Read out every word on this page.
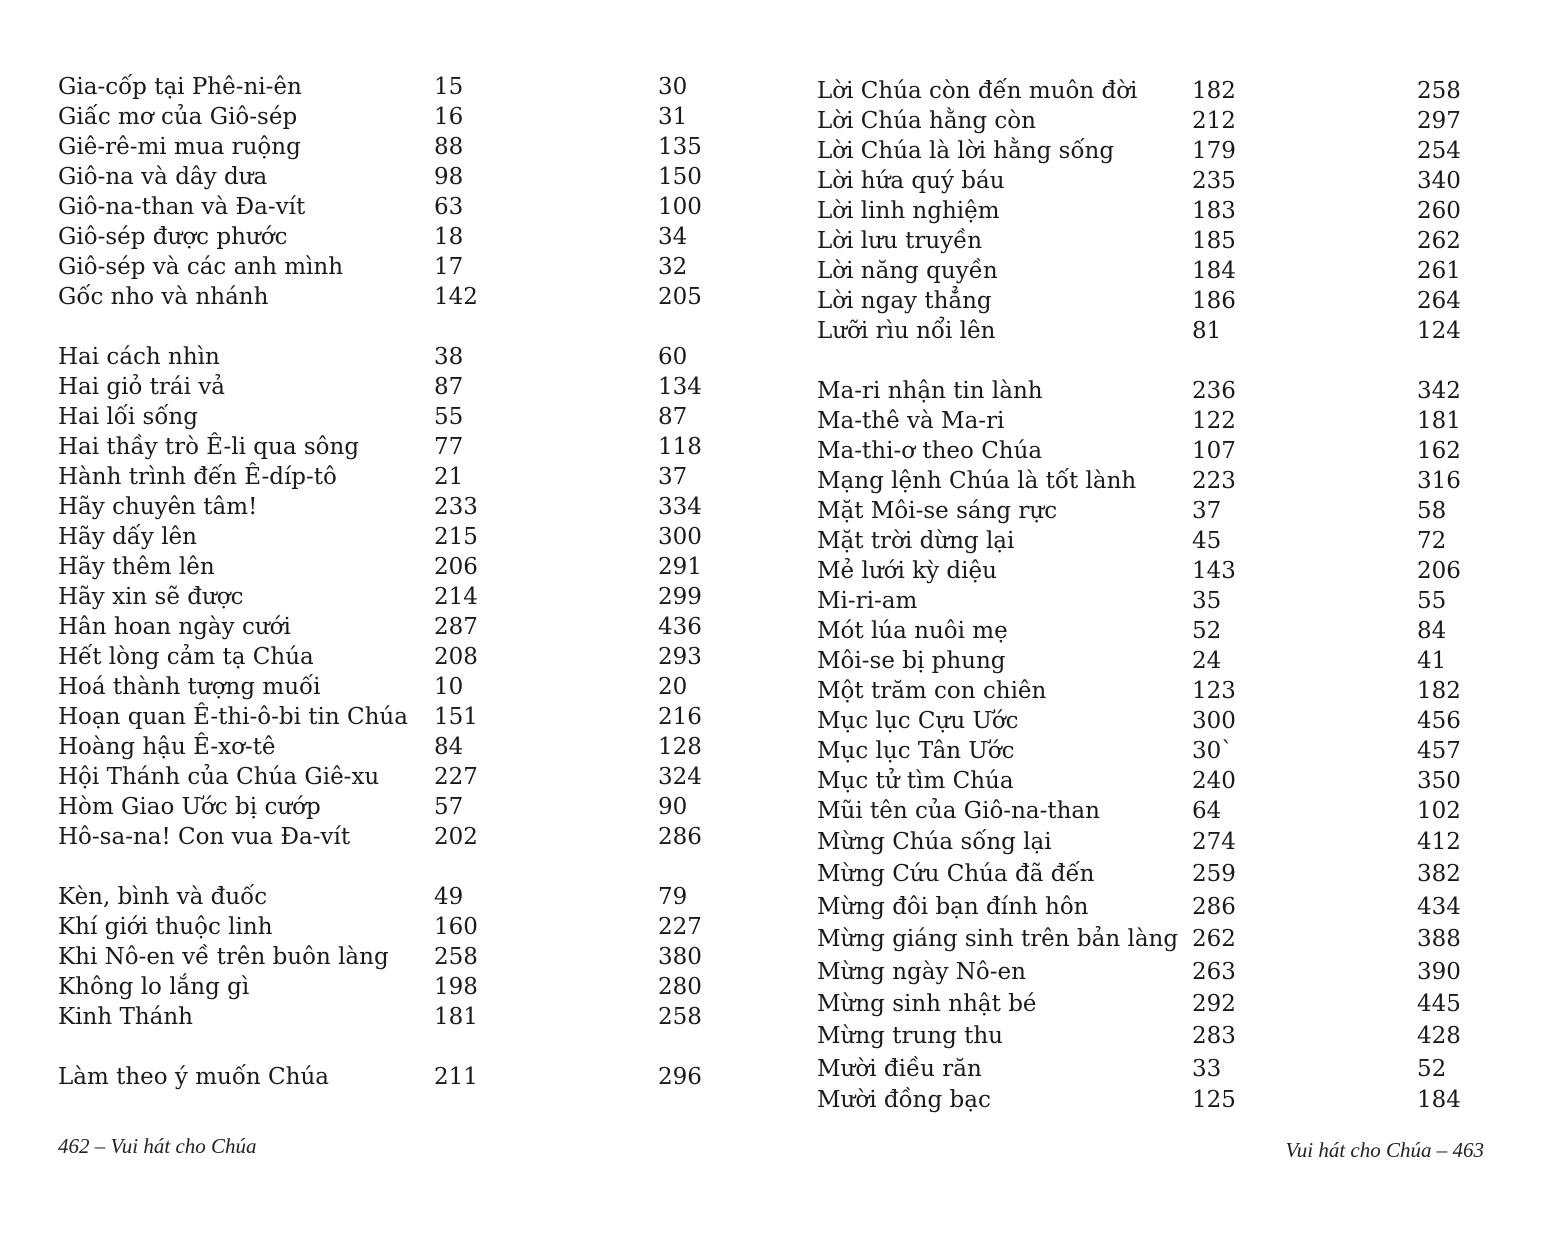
Gia-cốp tại Phê-ni-ên	15	30
Giấc mơ của Giô-sép	16	31
Giê-rê-mi mua ruộng	88	135
Giô-na và dây dưa	98	150
Giô-na-than và Đa-vít	63	100
Giô-sép được phước	18	34
Giô-sép và các anh mình	17	32
Gốc nho và nhánh	142	205
Hai cách nhìn	38	60
Hai giỏ trái vả	87	134
Hai lối sống	55	87
Hai thầy trò Ê-li qua sông	77	118
Hành trình đến Ê-díp-tô	21	37
Hãy chuyên tâm!	233	334
Hãy dấy lên	215	300
Hãy thêm lên	206	291
Hãy xin sẽ được	214	299
Hân hoan ngày cưới	287	436
Hết lòng cảm tạ Chúa	208	293
Hoá thành tượng muối	10	20
Hoạn quan Ê-thi-ô-bi tin Chúa 151	216
Hoàng hậu Ê-xơ-tê	84	128
Hội Thánh của Chúa Giê-xu 227	324
Hòm Giao Ước bị cướp	57	90
Hô-sa-na! Con vua Đa-vít	202	286
Kèn, bình và đuốc	49	79
Khí giới thuộc linh	160	227
Khi Nô-en về trên buôn làng 258	380
Không lo lắng gì	198	280
Kinh Thánh	181	258
Làm theo ý muốn Chúa	211	296
Lời Chúa còn đến muôn đời 182	258
Lời Chúa hằng còn	212	297
Lời Chúa là lời hằng sống	179	254
Lời hứa quý báu	235	340
Lời linh nghiệm	183	260
Lời lưu truyền	185	262
Lời năng quyền	184	261
Lời ngay thẳng	186	264
Lưỡi rìu nổi lên	81	124
Ma-ri nhận tin lành	236	342
Ma-thê và Ma-ri	122	181
Ma-thi-ơ theo Chúa	107	162
Mạng lệnh Chúa là tốt lành 223	316
Mặt Môi-se sáng rực	37	58
Mặt trời dừng lại	45	72
Mẻ lưới kỳ diệu	143	206
Mi-ri-am	35	55
Mót lúa nuôi mẹ	52	84
Môi-se bị phung	24	41
Một trăm con chiên	123	182
Mục lục Cựu Ước	300	456
Mục lục Tân Ước	30`	457
Mục tử tìm Chúa	240	350
Mũi tên của Giô-na-than	64	102
Mừng Chúa sống lại	274	412
Mừng Cứu Chúa đã đến	259	382
Mừng đôi bạn đính hôn	286	434
Mừng giáng sinh trên bản làng 262	388
Mừng ngày Nô-en	263	390
Mừng sinh nhật bé	292	445
Mừng trung thu	283	428
Mười điều răn	33	52
Mười đồng bạc	125	184
462 – Vui hát cho Chúa	Vui hát cho Chúa – 463
